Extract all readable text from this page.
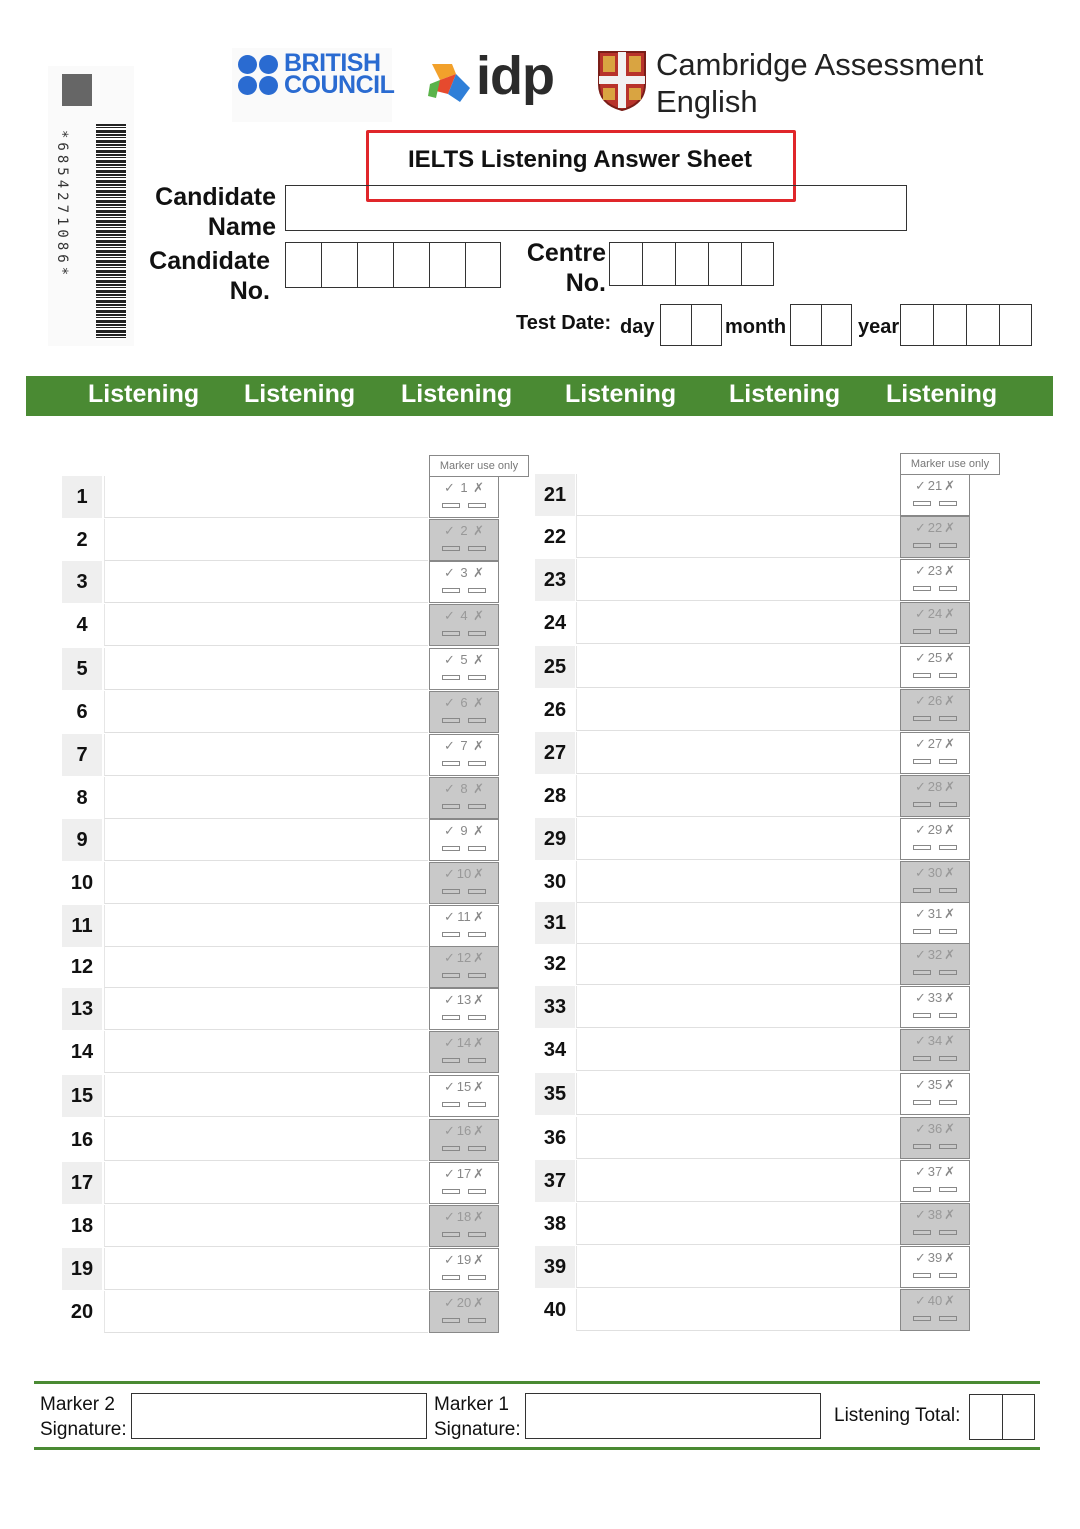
*6854271086*
BRITISH
COUNCIL idp	Cambridge Assessment
English
IELTS Listening Answer Sheet
Candidate
Name
Candidate
No.
Centre
No.
Test Date: day	month	year
Listening Listening Listening Listening Listening Listening
Marker use only	Marker use only
1	✓ 1 ✗
2	✓ 2 ✗
3	✓ 3 ✗
4	✓ 4 ✗
5	✓ 5 ✗
6	✓ 6 ✗
7	✓ 7 ✗
8	✓ 8 ✗
9	✓ 9 ✗
10	✓ 10 ✗
11	✓ 11 ✗
12	✓ 12 ✗
13	✓ 13 ✗
14	✓ 14 ✗
15	✓ 15 ✗
16	✓ 16 ✗
17	✓ 17 ✗
18	✓ 18 ✗
19	✓ 19 ✗
20	✓ 20 ✗
21	✓ 21 ✗
22	✓ 22 ✗
23	✓ 23 ✗
24	✓ 24 ✗
25	✓ 25 ✗
26	✓ 26 ✗
27	✓ 27 ✗
28	✓ 28 ✗
29	✓ 29 ✗
30	✓ 30 ✗
31	✓ 31 ✗
32	✓ 32 ✗
33	✓ 33 ✗
34	✓ 34 ✗
35	✓ 35 ✗
36	✓ 36 ✗
37	✓ 37 ✗
38	✓ 38 ✗
39	✓ 39 ✗
40	✓ 40 ✗
Marker 2
Signature:
Marker 1
Signature:
Listening Total:
